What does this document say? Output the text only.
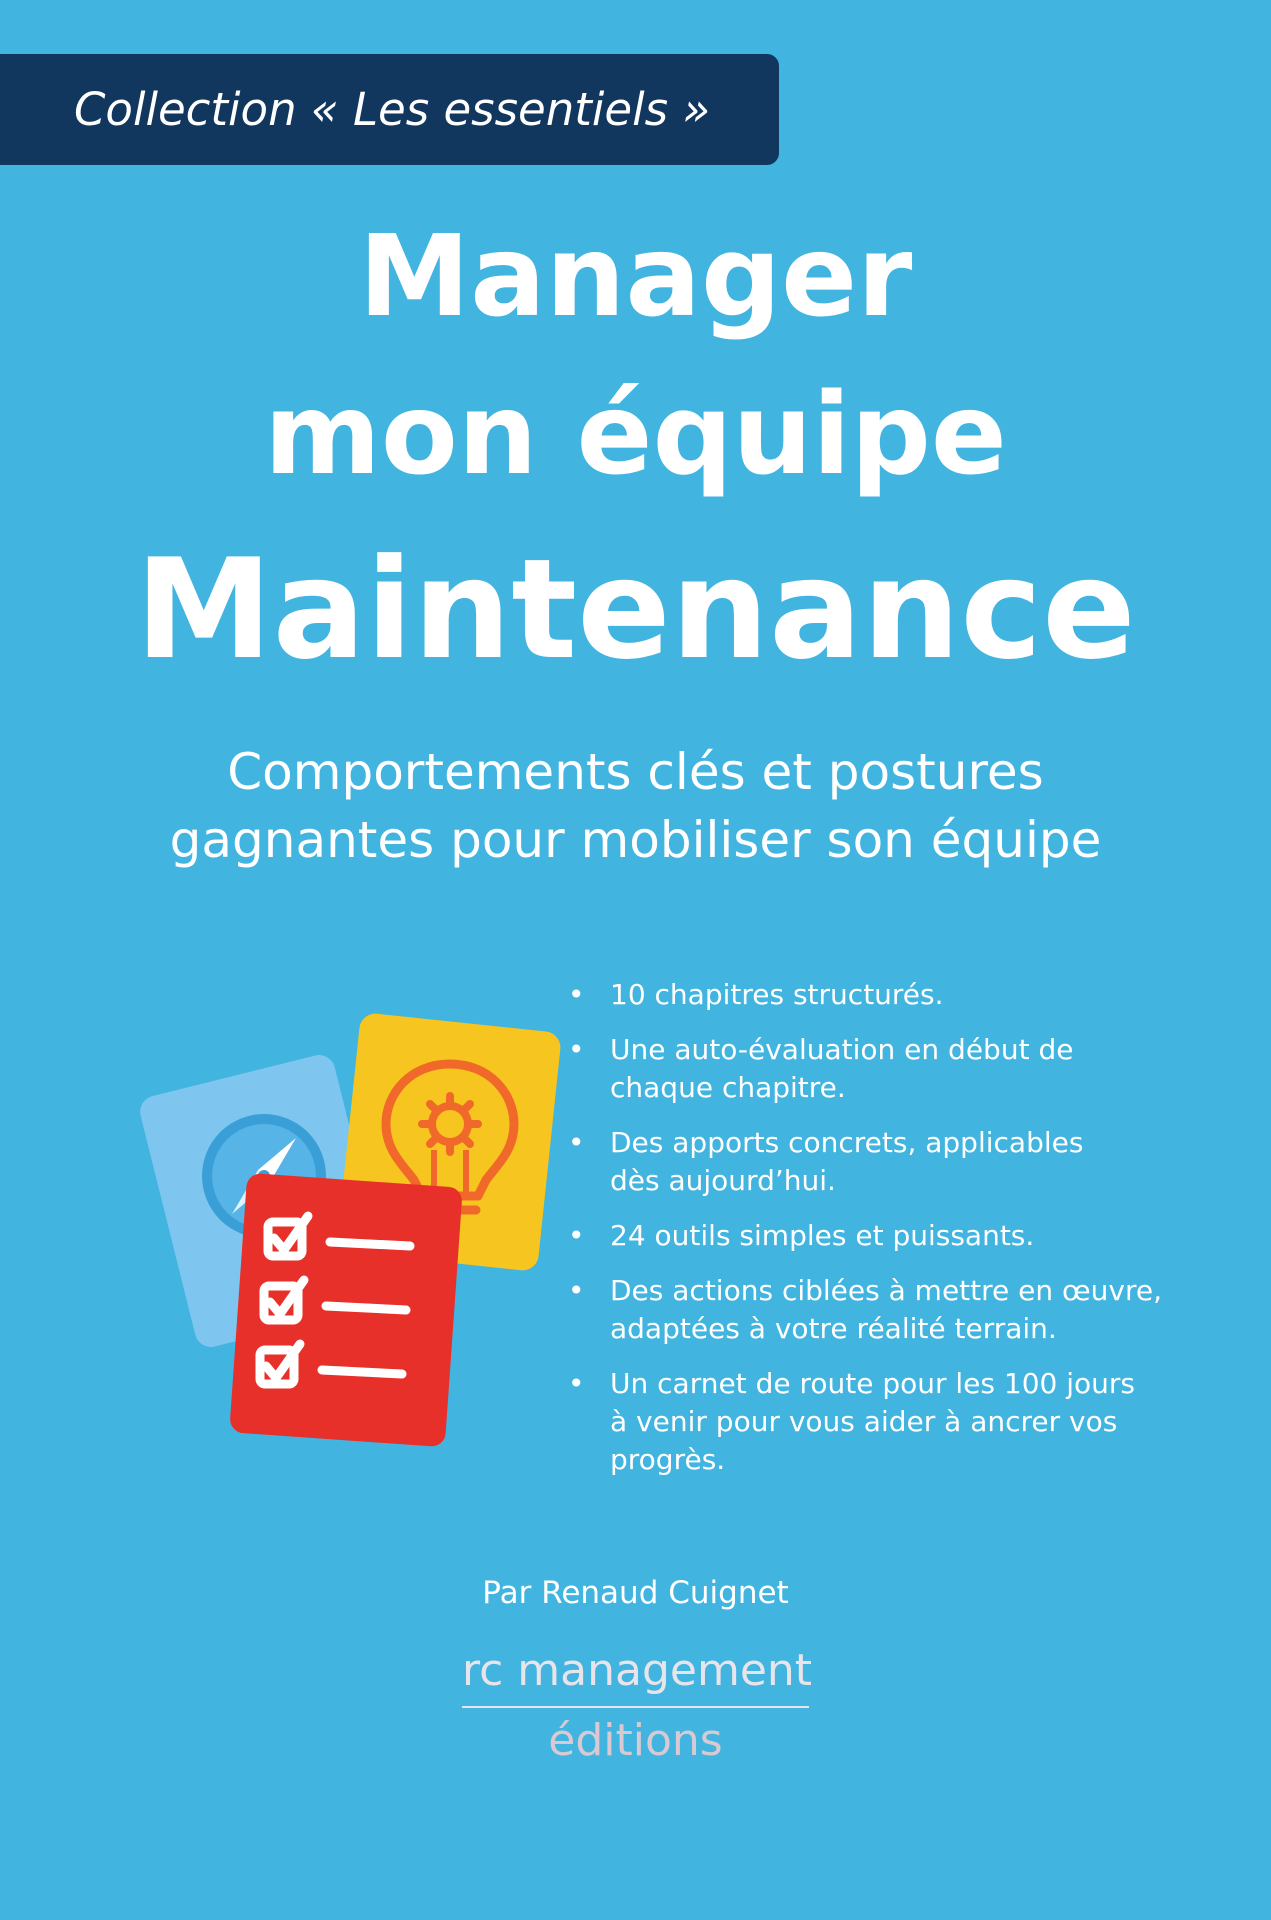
Collection « Les essentiels »
Manager
mon équipe
Maintenance
Comportements clés et postures
gagnantes pour mobiliser son équipe
• 10 chapitres structurés.
• Une auto-évaluation en début de
chaque chapitre.
• Des apports concrets, applicables
dès aujourd’hui.
• 24 outils simples et puissants.
• Des actions ciblées à mettre en œuvre,
adaptées à votre réalité terrain.
• Un carnet de route pour les 100 jours
à venir pour vous aider à ancrer vos
progrès.
Par Renaud Cuignet
rc management
éditions
